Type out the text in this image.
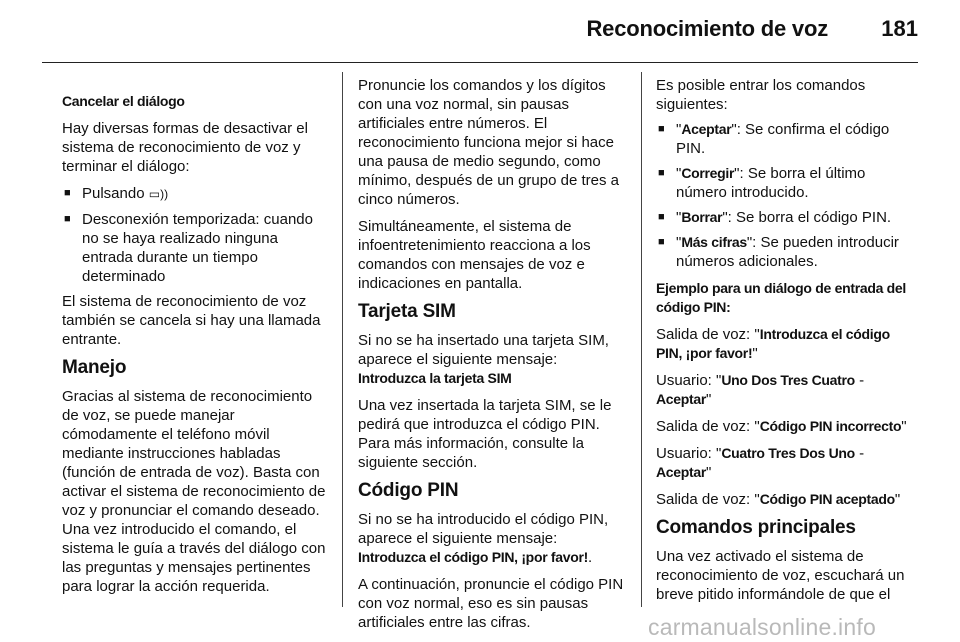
Reconocimiento de voz 181

Cancelar el diálogo

Hay diversas formas de desactivar el sistema de reconocimiento de voz y terminar el diálogo:

■ Pulsando ▭))
■ Desconexión temporizada: cuando no se haya realizado ninguna entrada durante un tiempo determinado

El sistema de reconocimiento de voz también se cancela si hay una llamada entrante.

Manejo

Gracias al sistema de reconocimiento de voz, se puede manejar cómodamente el teléfono móvil mediante instrucciones habladas (función de entrada de voz). Basta con activar el sistema de reconocimiento de voz y pronunciar el comando deseado. Una vez introducido el comando, el sistema le guía a través del diálogo con las preguntas y mensajes pertinentes para lograr la acción requerida.

Pronuncie los comandos y los dígitos con una voz normal, sin pausas artificiales entre números. El reconocimiento funciona mejor si hace una pausa de medio segundo, como mínimo, después de un grupo de tres a cinco números.

Simultáneamente, el sistema de infoentretenimiento reacciona a los comandos con mensajes de voz e indicaciones en pantalla.

Tarjeta SIM

Si no se ha insertado una tarjeta SIM, aparece el siguiente mensaje:

Introduzca la tarjeta SIM

Una vez insertada la tarjeta SIM, se le pedirá que introduzca el código PIN. Para más información, consulte la siguiente sección.

Código PIN

Si no se ha introducido el código PIN, aparece el siguiente mensaje:

Introduzca el código PIN, ¡por favor!.

A continuación, pronuncie el código PIN con voz normal, eso es sin pausas artificiales entre las cifras.

Es posible entrar los comandos siguientes:

■ "Aceptar": Se confirma el código PIN.
■ "Corregir": Se borra el último número introducido.
■ "Borrar": Se borra el código PIN.
■ "Más cifras": Se pueden introducir números adicionales.

Ejemplo para un diálogo de entrada del código PIN:

Salida de voz: "Introduzca el código PIN, ¡por favor!"

Usuario: "Uno Dos Tres Cuatro - Aceptar"

Salida de voz: "Código PIN incorrecto"

Usuario: "Cuatro Tres Dos Uno - Aceptar"

Salida de voz: "Código PIN aceptado"

Comandos principales

Una vez activado el sistema de reconocimiento de voz, escuchará un breve pitido informándole de que el

carmanualsonline.info
